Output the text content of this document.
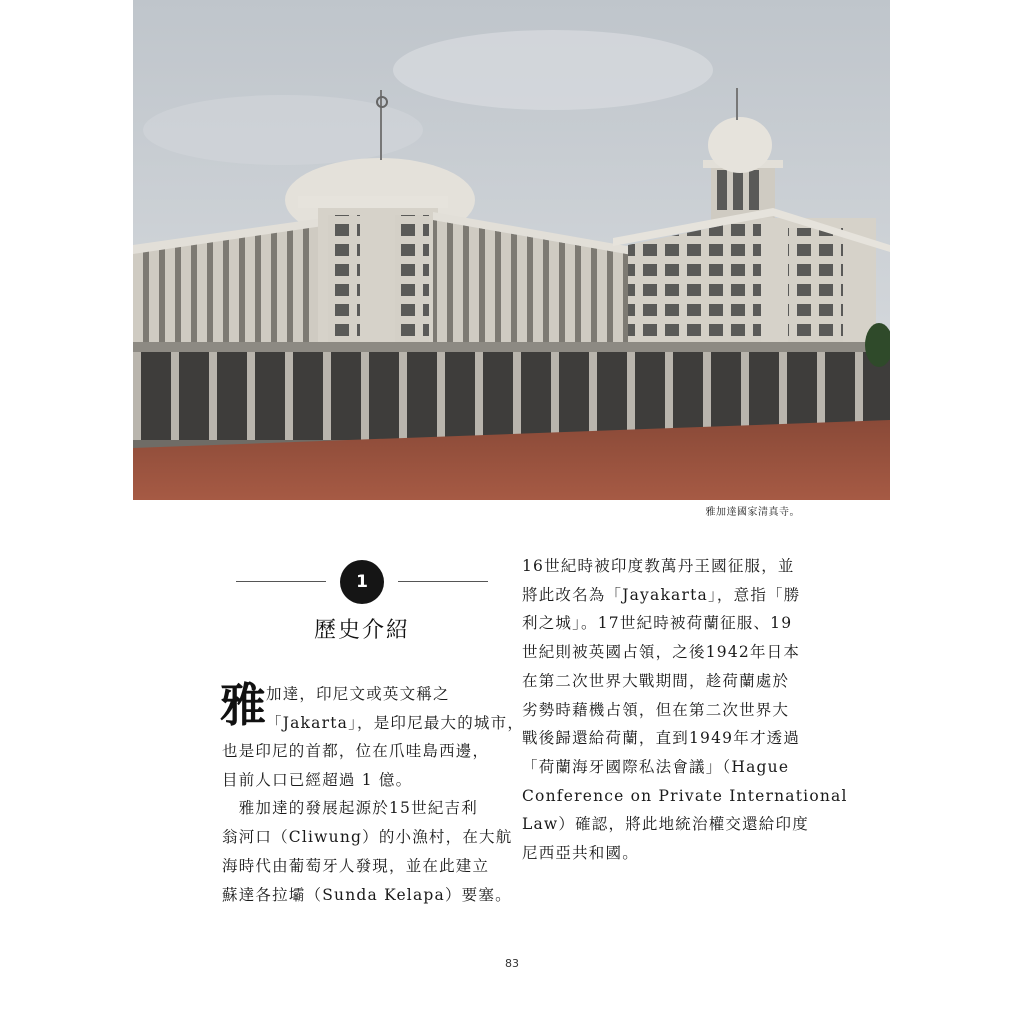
雅加達國家清真寺。
1
歷史介紹
雅
加達，印尼文或英文稱之
「Jakarta」，是印尼最大的城市，
也是印尼的首都，位在爪哇島西邊，
目前人口已經超過 1 億。
　雅加達的發展起源於15世紀吉利
翁河口（Cliwung）的小漁村，在大航
海時代由葡萄牙人發現，並在此建立
蘇達各拉壩（Sunda Kelapa）要塞。
16世紀時被印度教萬丹王國征服，並
將此改名為「Jayakarta」，意指「勝
利之城」。17世紀時被荷蘭征服、19
世紀則被英國占領，之後1942年日本
在第二次世界大戰期間，趁荷蘭處於
劣勢時藉機占領，但在第二次世界大
戰後歸還給荷蘭，直到1949年才透過
「荷蘭海牙國際私法會議」（Hague
Conference on Private International
Law）確認，將此地統治權交還給印度
尼西亞共和國。
83
